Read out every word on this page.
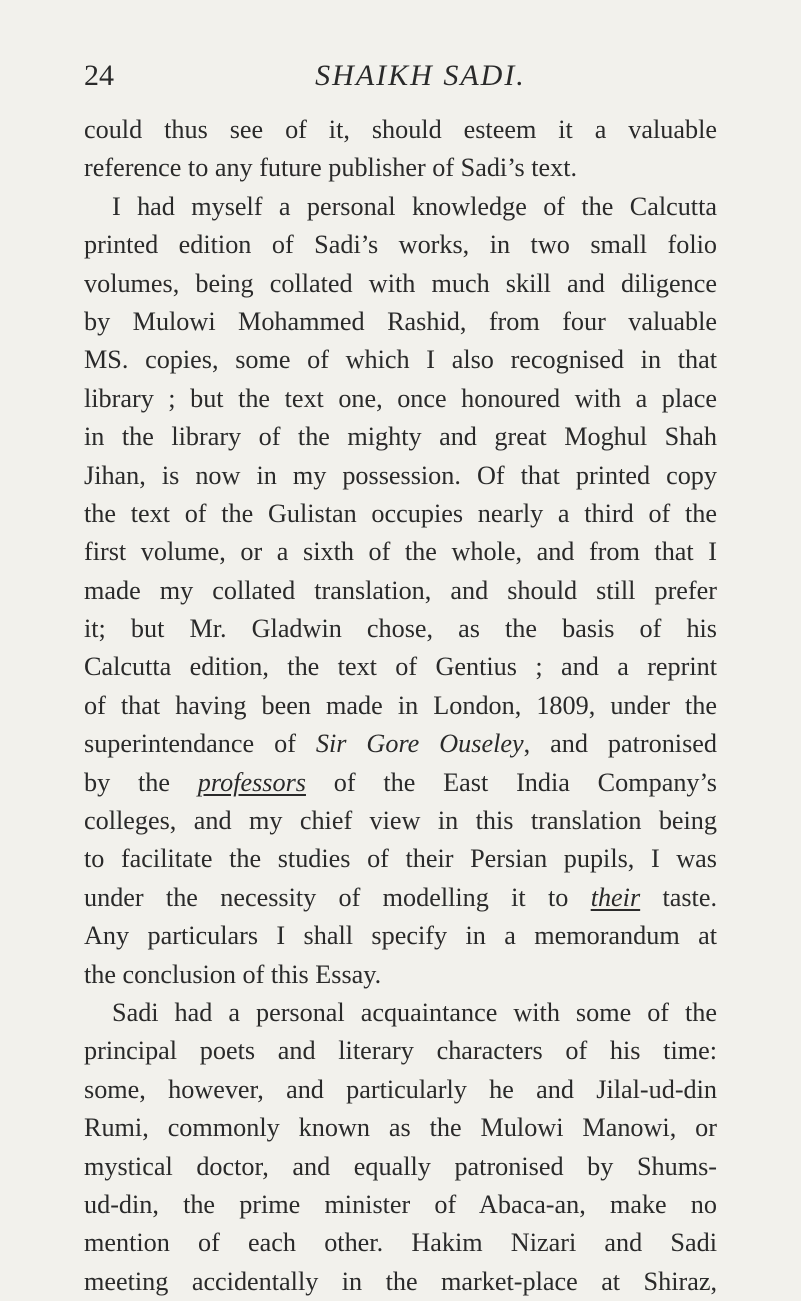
24	SHAIKH SADI.
could thus see of it, should esteem it a valuable
reference to any future publisher of Sadi’s text.
I had myself a personal knowledge of the Calcutta
printed edition of Sadi’s works, in two small folio
volumes, being collated with much skill and diligence
by Mulowi Mohammed Rashid, from four valuable
MS. copies, some of which I also recognised in that
library ; but the text one, once honoured with a place
in the library of the mighty and great Moghul Shah
Jihan, is now in my possession. Of that printed copy
the text of the Gulistan occupies nearly a third of the
first volume, or a sixth of the whole, and from that I
made my collated translation, and should still prefer
it; but Mr. Gladwin chose, as the basis of his
Calcutta edition, the text of Gentius ; and a reprint
of that having been made in London, 1809, under the
superintendance of Sir Gore Ouseley, and patronised
by the professors of the East India Company’s
colleges, and my chief view in this translation being
to facilitate the studies of their Persian pupils, I was
under the necessity of modelling it to their taste.
Any particulars I shall specify in a memorandum at
the conclusion of this Essay.
Sadi had a personal acquaintance with some of the
principal poets and literary characters of his time:
some, however, and particularly he and Jilal-ud-din
Rumi, commonly known as the Mulowi Manowi, or
mystical doctor, and equally patronised by Shums-
ud-din, the prime minister of Abaca-an, make no
mention of each other. Hakim Nizari and Sadi
meeting accidentally in the market-place at Shiraz,
